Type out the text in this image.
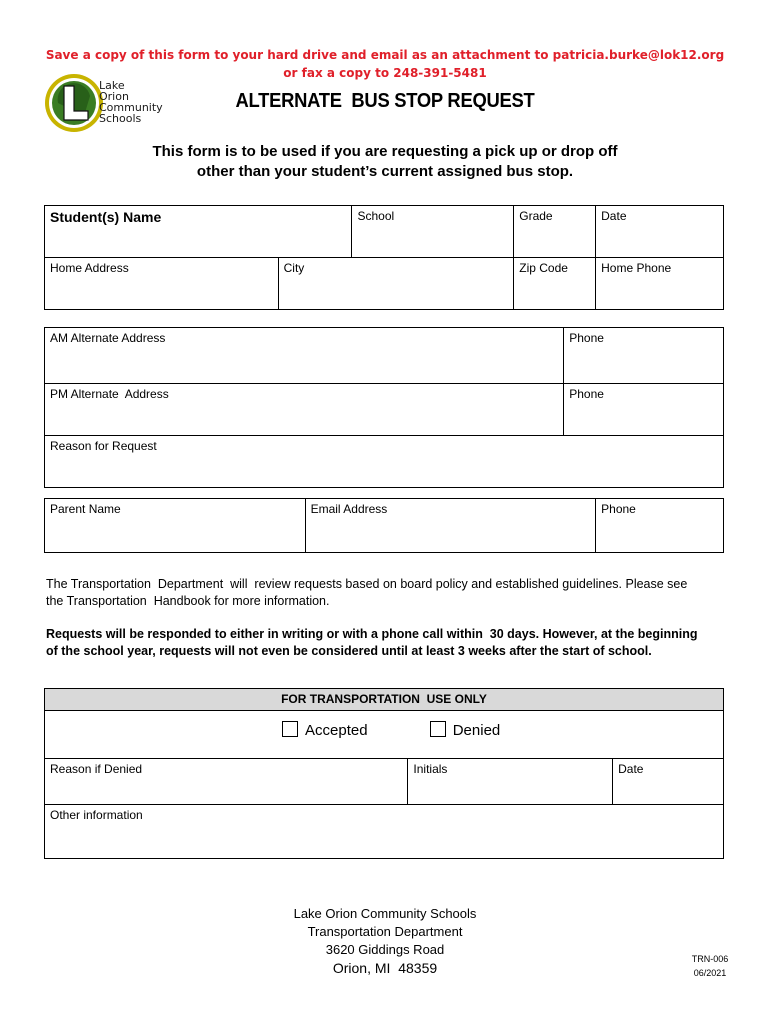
Save a copy of this form to your hard drive and email as an attachment to patricia.burke@lok12.org
or fax a copy to 248-391-5481
Lake
Orion
Community
Schools
ALTERNATE  BUS STOP REQUEST
This form is to be used if you are requesting a pick up or drop off
other than your student’s current assigned bus stop.
Student(s) Name		School	Grade	Date
Home Address	City		Zip Code	Home Phone
AM Alternate Address	Phone
PM Alternate  Address	Phone
Reason for Request	
Parent Name	Email Address	Phone
The Transportation  Department  will  review requests based on board policy and established guidelines. Please see
the Transportation  Handbook for more information.
Requests will be responded to either in writing or with a phone call within  30 days. However, at the beginning
of the school year, requests will not even be considered until at least 3 weeks after the start of school.
FOR TRANSPORTATION  USE ONLY
Accepted	Denied
Reason if Denied	Initials	Date
Other information
Lake Orion Community Schools
Transportation Department
3620 Giddings Road
Orion, MI  48359
TRN-006
06/2021
